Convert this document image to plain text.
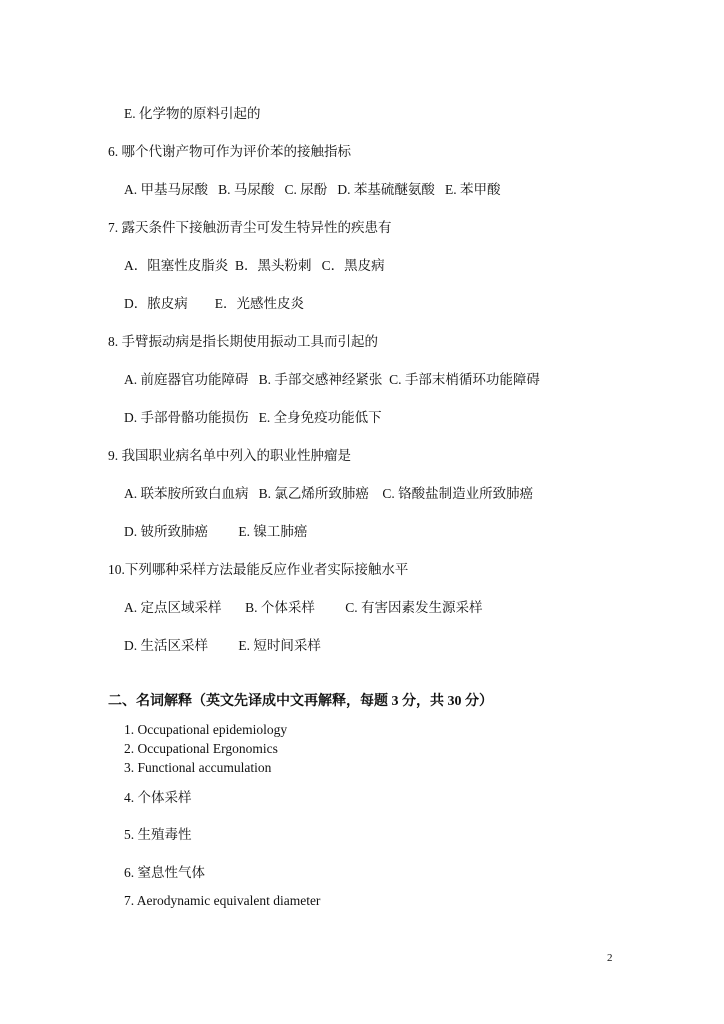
E. 化学物的原料引起的
6. 哪个代谢产物可作为评价苯的接触指标
A. 甲基马尿酸   B. 马尿酸   C. 尿酚   D. 苯基硫醚氨酸   E. 苯甲酸
7. 露天条件下接触沥青尘可发生特异性的疾患有
A．阻塞性皮脂炎  B．黑头粉刺   C．黑皮病
D．脓皮病        E．光感性皮炎
8. 手臂振动病是指长期使用振动工具而引起的
A. 前庭器官功能障碍   B. 手部交感神经紧张  C. 手部末梢循环功能障碍
D. 手部骨骼功能损伤   E. 全身免疫功能低下
9. 我国职业病名单中列入的职业性肿瘤是
A. 联苯胺所致白血病   B. 氯乙烯所致肺癌    C. 铬酸盐制造业所致肺癌
D. 铍所致肺癌         E. 镍工肺癌
10.下列哪种采样方法最能反应作业者实际接触水平
A. 定点区域采样       B. 个体采样         C. 有害因素发生源采样
D. 生活区采样         E. 短时间采样
二、名词解释（英文先译成中文再解释，每题 3 分，共 30 分）
1. Occupational epidemiology
2. Occupational Ergonomics
3. Functional accumulation
4. 个体采样
5. 生殖毒性
6. 窒息性气体
7. Aerodynamic equivalent diameter
2
